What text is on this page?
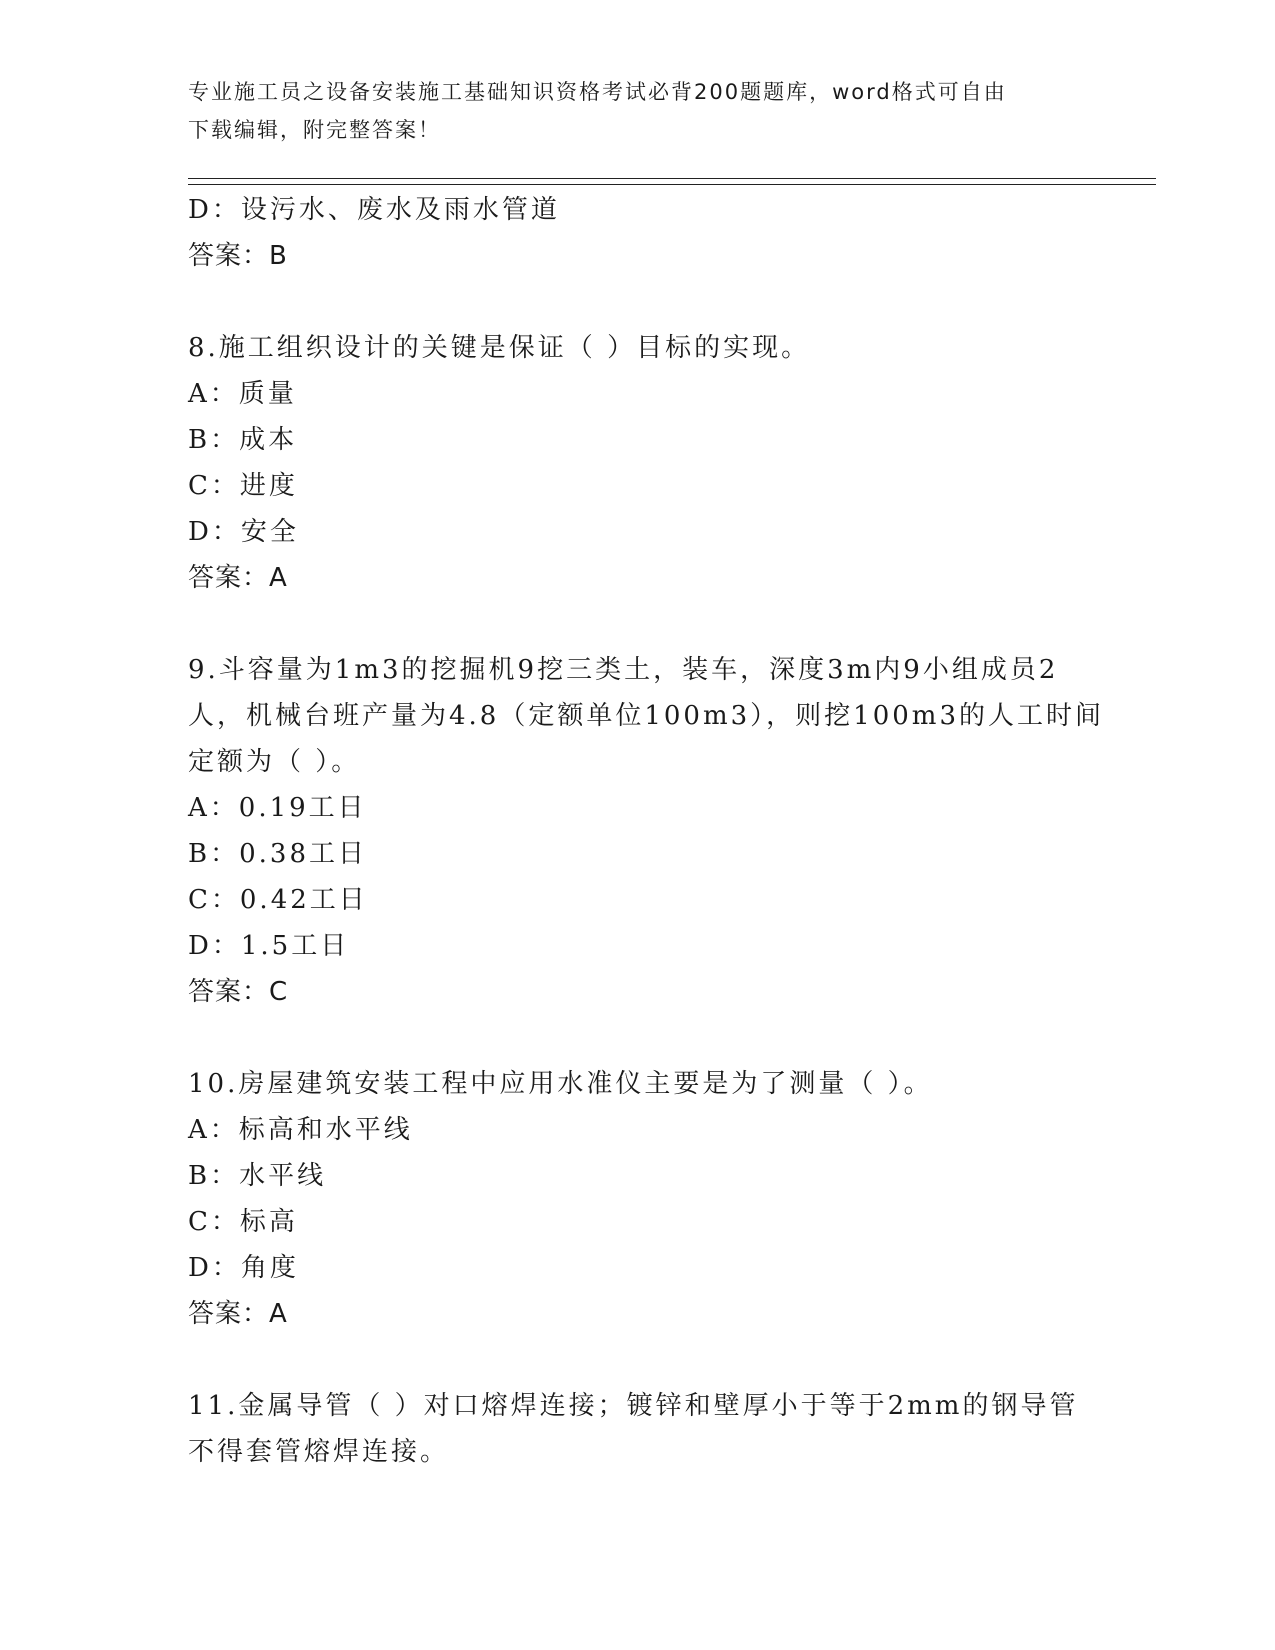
专业施工员之设备安装施工基础知识资格考试必背200题题库，word格式可自由
下载编辑，附完整答案！
D：设污水、废水及雨水管道
答案：B
8.施工组织设计的关键是保证（ ）目标的实现。
A：质量
B：成本
C：进度
D：安全
答案：A
9.斗容量为1m3的挖掘机9挖三类土，装车，深度3m内9小组成员2
人，机械台班产量为4.8（定额单位100m3），则挖100m3的人工时间
定额为（ ）。
A：0.19工日
B：0.38工日
C：0.42工日
D：1.5工日
答案：C
10.房屋建筑安装工程中应用水准仪主要是为了测量（ ）。
A：标高和水平线
B：水平线
C：标高
D：角度
答案：A
11.金属导管（ ）对口熔焊连接；镀锌和壁厚小于等于2mm的钢导管
不得套管熔焊连接。
